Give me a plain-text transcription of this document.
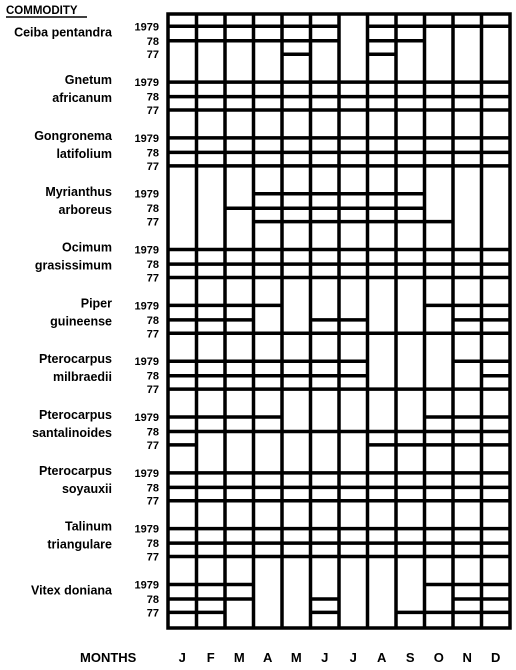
COMMODITY
Ceiba pentandra 1979
78
77
Gnetum
africanum
1979
78
77
Gongronema
latifolium
1979
78
77
Myrianthus
arboreus
1979
78
77
Ocimum
grasissimum
1979
78
77
Piper
guineense
1979
78
77
Pterocarpus
milbraedii
1979
78
77
Pterocarpus
santalinoides
1979
78
77
Pterocarpus
soyauxii
1979
78
77
Talinum
triangulare
1979
78
77
Vitex doniana 1979
78
77
MONTHS	J F M A M J J A S O N D
